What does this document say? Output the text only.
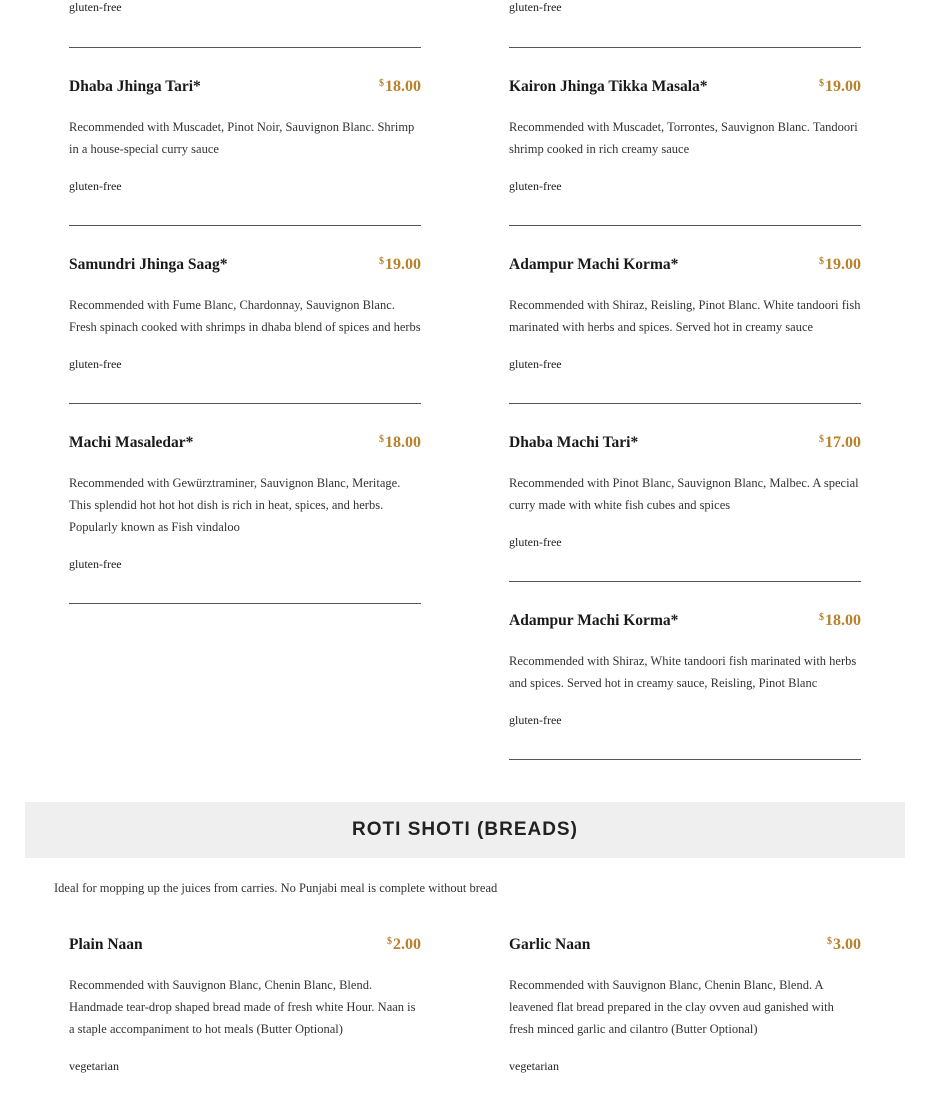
gluten-free
Dhaba Jhinga Tari*	$18.00
Recommended with Muscadet, Pinot Noir, Sauvignon Blanc. Shrimp in a house-special curry sauce
gluten-free
Samundri Jhinga Saag*	$19.00
Recommended with Fume Blanc, Chardonnay, Sauvignon Blanc. Fresh spinach cooked with shrimps in dhaba blend of spices and herbs
gluten-free
Machi Masaledar*	$18.00
Recommended with Gewürztraminer, Sauvignon Blanc, Meritage. This splendid hot hot hot dish is rich in heat, spices, and herbs. Popularly known as Fish vindaloo
gluten-free
gluten-free
Kairon Jhinga Tikka Masala*	$19.00
Recommended with Muscadet, Torrontes, Sauvignon Blanc. Tandoori shrimp cooked in rich creamy sauce
gluten-free
Adampur Machi Korma*	$19.00
Recommended with Shiraz, Reisling, Pinot Blanc. White tandoori fish marinated with herbs and spices. Served hot in creamy sauce
gluten-free
Dhaba Machi Tari*	$17.00
Recommended with Pinot Blanc, Sauvignon Blanc, Malbec. A special curry made with white fish cubes and spices
gluten-free
Adampur Machi Korma*	$18.00
Recommended with Shiraz, White tandoori fish marinated with herbs and spices. Served hot in creamy sauce, Reisling, Pinot Blanc
gluten-free
ROTI SHOTI (BREADS)
Ideal for mopping up the juices from carries. No Punjabi meal is complete without bread
Plain Naan	$2.00
Recommended with Sauvignon Blanc, Chenin Blanc, Blend. Handmade tear-drop shaped bread made of fresh white Hour. Naan is a staple accompaniment to hot meals (Butter Optional)
vegetarian
Garlic Naan	$3.00
Recommended with Sauvignon Blanc, Chenin Blanc, Blend. A leavened flat bread prepared in the clay ovven aud ganished with fresh minced garlic and cilantro (Butter Optional)
vegetarian
